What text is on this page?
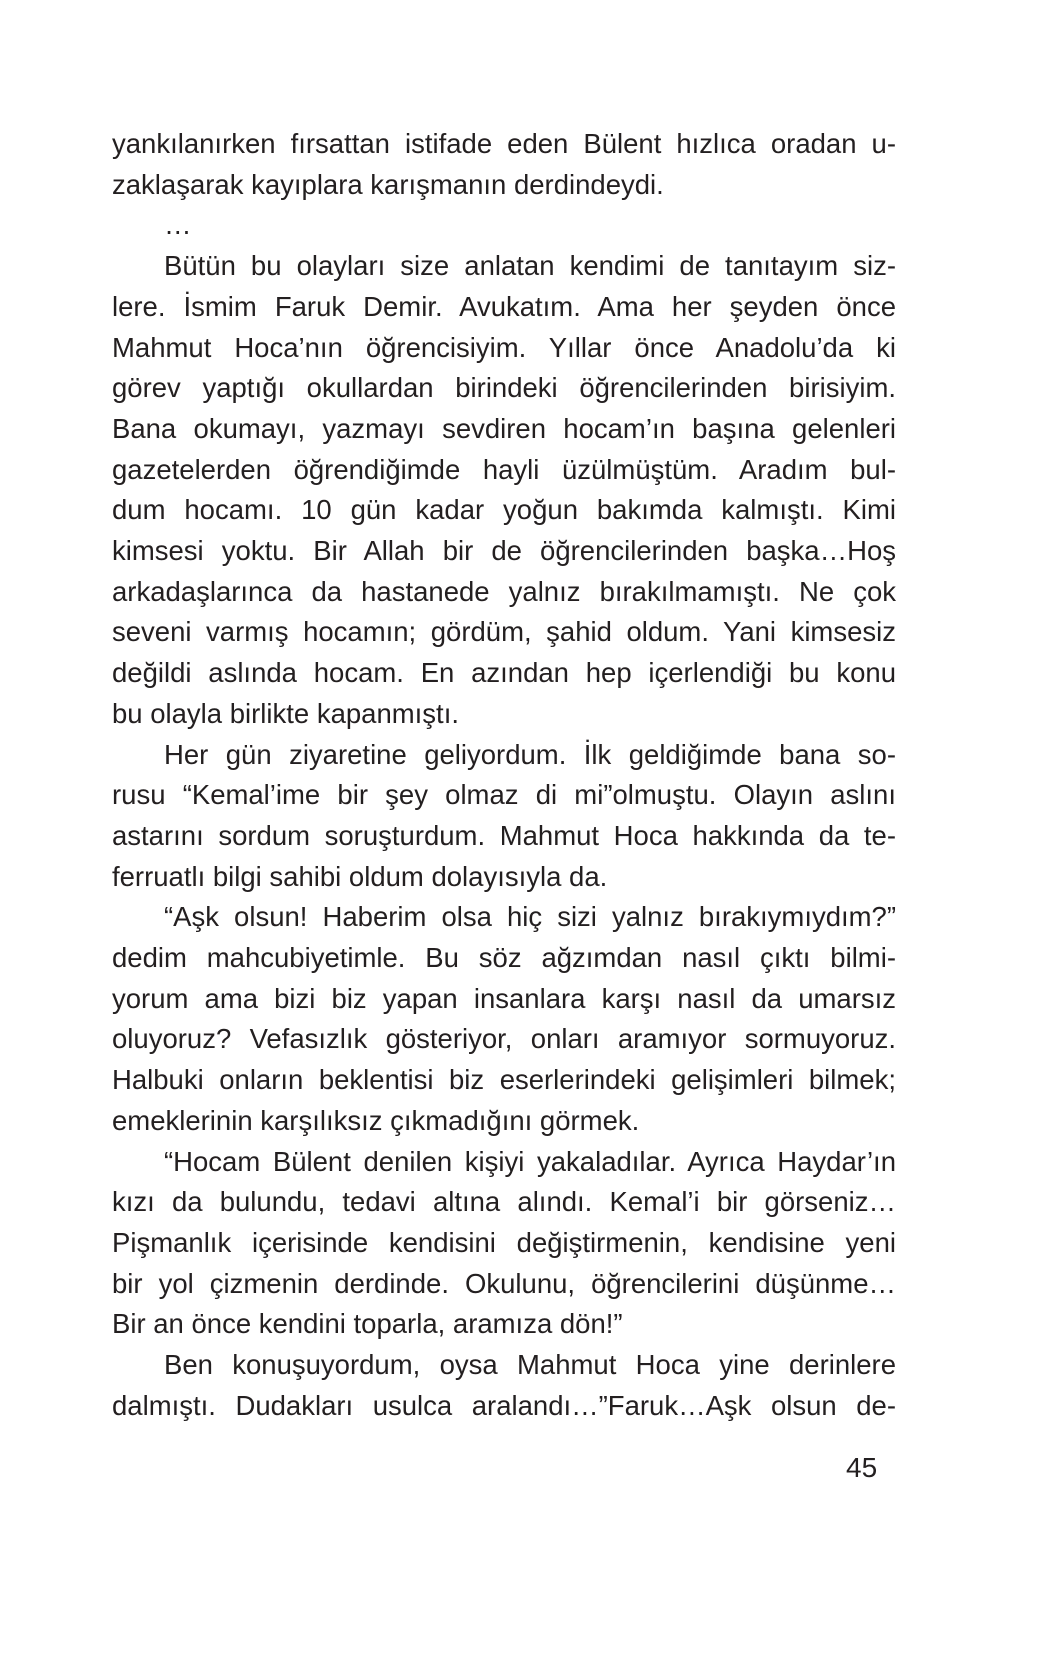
yankılanırken fırsattan istifade eden Bülent hızlıca oradan u-
zaklaşarak kayıplara karışmanın derdindeydi.
…
Bütün bu olayları size anlatan kendimi de tanıtayım siz-
lere. İsmim Faruk Demir. Avukatım. Ama her şeyden önce
Mahmut Hoca’nın öğrencisiyim. Yıllar önce Anadolu’da ki
görev yaptığı okullardan birindeki öğrencilerinden birisiyim.
Bana okumayı, yazmayı sevdiren hocam’ın başına gelenleri
gazetelerden öğrendiğimde hayli üzülmüştüm. Aradım bul-
dum hocamı. 10 gün kadar yoğun bakımda kalmıştı. Kimi
kimsesi yoktu. Bir Allah bir de öğrencilerinden başka…Hoş
arkadaşlarınca da hastanede yalnız bırakılmamıştı. Ne çok
seveni varmış hocamın; gördüm, şahid oldum. Yani kimsesiz
değildi aslında hocam. En azından hep içerlendiği bu konu
bu olayla birlikte kapanmıştı.
Her gün ziyaretine geliyordum. İlk geldiğimde bana so-
rusu “Kemal’ime bir şey olmaz di mi”olmuştu. Olayın aslını
astarını sordum soruşturdum. Mahmut Hoca hakkında da te-
ferruatlı bilgi sahibi oldum dolayısıyla da.
“Aşk olsun! Haberim olsa hiç sizi yalnız bırakıymıydım?”
dedim mahcubiyetimle. Bu söz ağzımdan nasıl çıktı bilmi-
yorum ama bizi biz yapan insanlara karşı nasıl da umarsız
oluyoruz? Vefasızlık gösteriyor, onları aramıyor sormuyoruz.
Halbuki onların beklentisi biz eserlerindeki gelişimleri bilmek;
emeklerinin karşılıksız çıkmadığını görmek.
“Hocam Bülent denilen kişiyi yakaladılar. Ayrıca Haydar’ın
kızı da bulundu, tedavi altına alındı. Kemal’i bir görseniz…
Pişmanlık içerisinde kendisini değiştirmenin, kendisine yeni
bir yol çizmenin derdinde. Okulunu, öğrencilerini düşünme…
Bir an önce kendini toparla, aramıza dön!”
Ben konuşuyordum, oysa Mahmut Hoca yine derinlere
dalmıştı. Dudakları usulca aralandı…”Faruk…Aşk olsun de-
45
